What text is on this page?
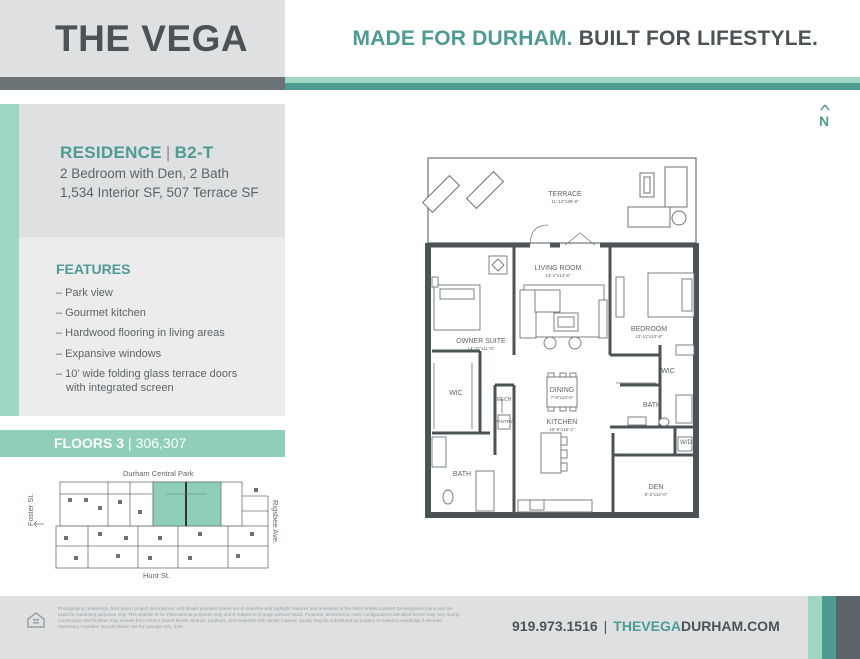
THE VEGA	MADE FOR DURHAM. BUILT FOR LIFESTYLE.
RESIDENCE | B2-T
2 Bedroom with Den, 2 Bath
1,534 Interior SF, 507 Terrace SF
FEATURES
– Park view
– Gourmet kitchen
– Hardwood flooring in living areas
– Expansive windows
– 10’ wide folding glass terrace doors
with integrated screen
FLOORS 3 | 306,307
Durham Central Park
Hunt St.
Foster St.	Rigsbee Ave.
N
TERRACE
11'-10"x39'-8"
LIVING ROOM
13'-2"x14'-6"
OWNER SUITE
14'-11"x11'-5"
BEDROOM
13'-11"x12'-8"
DINING
7'-0"x14'-6"
KITCHEN
15'-8"x15'-2"
DEN
9'-2"x12'-0"
WIC
WIC
BATH
BATH
MECH
PANTRY
W/D
Photography, renderings, floor plans, project descriptions, and details provided herein are to describe and highlight features and amenities of the Ninth Works Lambert Development plans and are used for marketing purposes only. This website is for informational purposes only and is subject to change without notice. Features, dimensions, room configurations identified herein may vary during construction and finishes may deviate from what is stated herein. Brands, products, and materials with similar superior quality may be substituted by product or material availability if deemed necessary. Furniture layouts shown are for concept only. 5/20	919.973.1516 | THEVEGADURHAM.COM
